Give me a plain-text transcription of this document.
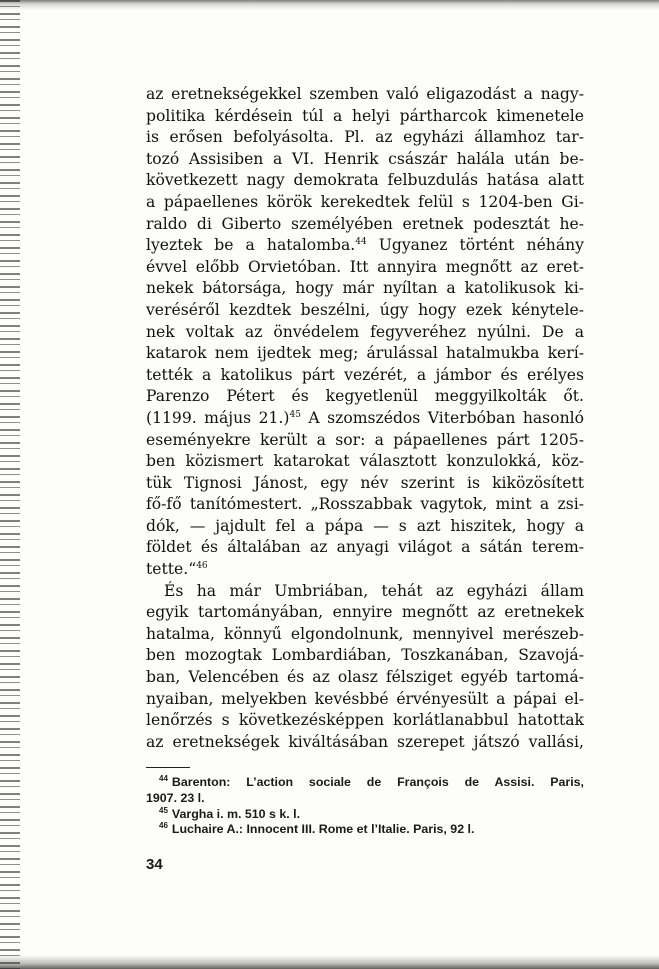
az eretnekségekkel szemben való eligazodást a nagy-
politika kérdésein túl a helyi pártharcok kimenetele
is erősen befolyásolta. Pl. az egyházi államhoz tar-
tozó Assisiben a VI. Henrik császár halála után be-
következett nagy demokrata felbuzdulás hatása alatt
a pápaellenes körök kerekedtek felül s 1204-ben Gi-
raldo di Giberto személyében eretnek podesztát he-
lyeztek be a hatalomba.$^{44}$ Ugyanez történt néhány
évvel előbb Orvietóban. Itt annyira megnőtt az eret-
nekek bátorsága, hogy már nyíltan a katolikusok ki-
veréséről kezdtek beszélni, úgy hogy ezek kénytele-
nek voltak az önvédelem fegyveréhez nyúlni. De a
katarok nem ijedtek meg; árulással hatalmukba kerí-
tették a katolikus párt vezérét, a jámbor és erélyes
Parenzo Pétert és kegyetlenül meggyilkolták őt.
(1199. május 21.)$^{45}$ A szomszédos Viterbóban hasonló
eseményekre került a sor: a pápaellenes párt 1205-
ben közismert katarokat választott konzulokká, köz-
tük Tignosi Jánost, egy név szerint is kiközösített
fő-fő tanítómestert. „Rosszabbak vagytok, mint a zsi-
dók, — jajdult fel a pápa — s azt hiszitek, hogy a
földet és általában az anyagi világot a sátán terem-
tette.“$^{46}$
És ha már Umbriában, tehát az egyházi állam
egyik tartományában, ennyire megnőtt az eretnekek
hatalma, könnyű elgondolnunk, mennyivel merészeb-
ben mozogtak Lombardiában, Toszkanában, Szavojá-
ban, Velencében és az olasz félsziget egyéb tartomá-
nyaiban, melyekben kevésbbé érvényesült a pápai el-
lenőrzés s következésképpen korlátlanabbul hatottak
az eretnekségek kiváltásában szerepet játszó vallási,
$^{44}$ Barenton: L’action sociale de François de Assisi. Paris,
1907. 23 l.
$^{45}$ Vargha i. m. 510 s k. l.
$^{46}$ Luchaire A.: Innocent III. Rome et l’Italie. Paris, 92 l.
34
